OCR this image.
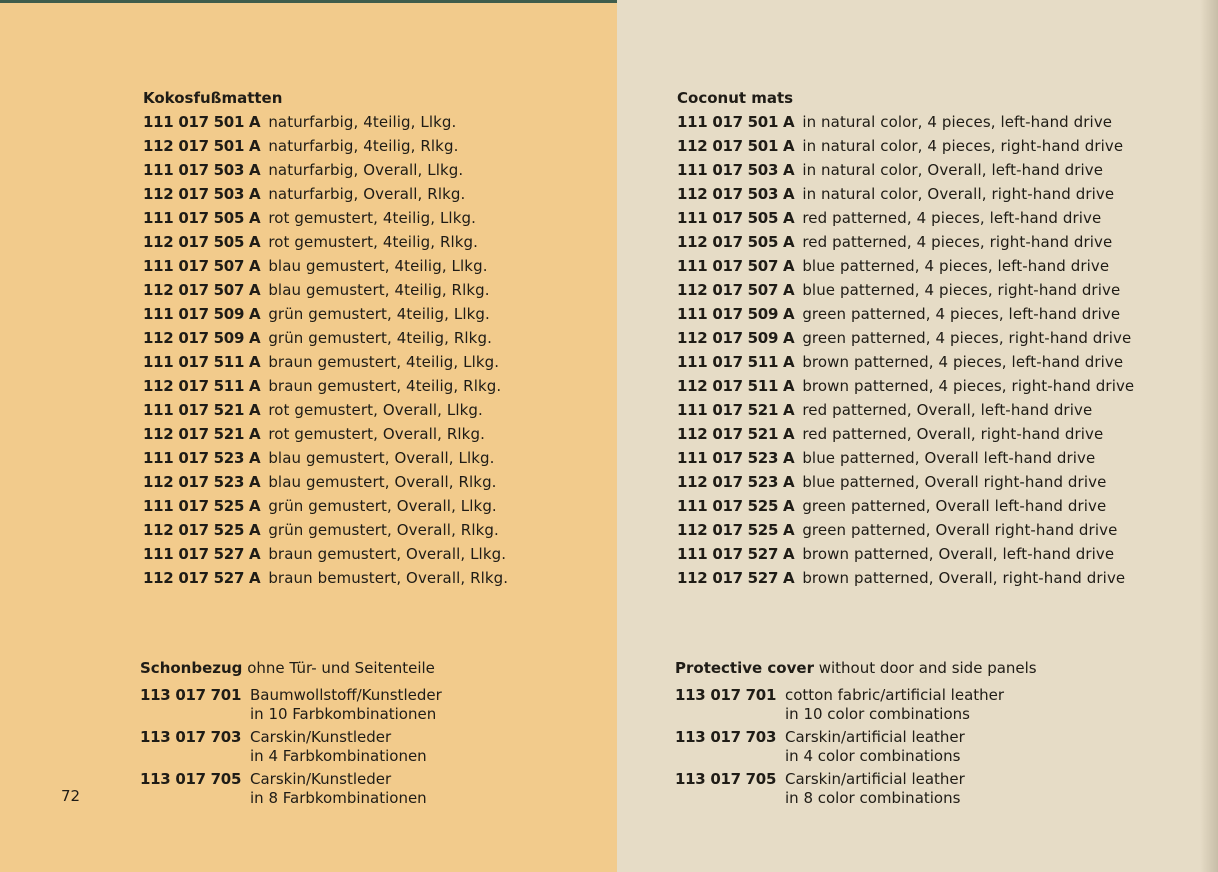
Kokosfußmatten
111 017 501 A naturfarbig, 4teilig, Llkg.
112 017 501 A naturfarbig, 4teilig, Rlkg.
111 017 503 A naturfarbig, Overall, Llkg.
112 017 503 A naturfarbig, Overall, Rlkg.
111 017 505 A rot gemustert, 4teilig, Llkg.
112 017 505 A rot gemustert, 4teilig, Rlkg.
111 017 507 A blau gemustert, 4teilig, Llkg.
112 017 507 A blau gemustert, 4teilig, Rlkg.
111 017 509 A grün gemustert, 4teilig, Llkg.
112 017 509 A grün gemustert, 4teilig, Rlkg.
111 017 511 A braun gemustert, 4teilig, Llkg.
112 017 511 A braun gemustert, 4teilig, Rlkg.
111 017 521 A rot gemustert, Overall, Llkg.
112 017 521 A rot gemustert, Overall, Rlkg.
111 017 523 A blau gemustert, Overall, Llkg.
112 017 523 A blau gemustert, Overall, Rlkg.
111 017 525 A grün gemustert, Overall, Llkg.
112 017 525 A grün gemustert, Overall, Rlkg.
111 017 527 A braun gemustert, Overall, Llkg.
112 017 527 A braun bemustert, Overall, Rlkg.
Schonbezug ohne Tür- und Seitenteile
113 017 701 Baumwollstoff/Kunstleder
in 10 Farbkombinationen
113 017 703 Carskin/Kunstleder
in 4 Farbkombinationen
113 017 705 Carskin/Kunstleder
in 8 Farbkombinationen
72
Coconut mats
111 017 501 A in natural color, 4 pieces, left-hand drive
112 017 501 A in natural color, 4 pieces, right-hand drive
111 017 503 A in natural color, Overall, left-hand drive
112 017 503 A in natural color, Overall, right-hand drive
111 017 505 A red patterned, 4 pieces, left-hand drive
112 017 505 A red patterned, 4 pieces, right-hand drive
111 017 507 A blue patterned, 4 pieces, left-hand drive
112 017 507 A blue patterned, 4 pieces, right-hand drive
111 017 509 A green patterned, 4 pieces, left-hand drive
112 017 509 A green patterned, 4 pieces, right-hand drive
111 017 511 A brown patterned, 4 pieces, left-hand drive
112 017 511 A brown patterned, 4 pieces, right-hand drive
111 017 521 A red patterned, Overall, left-hand drive
112 017 521 A red patterned, Overall, right-hand drive
111 017 523 A blue patterned, Overall left-hand drive
112 017 523 A blue patterned, Overall right-hand drive
111 017 525 A green patterned, Overall left-hand drive
112 017 525 A green patterned, Overall right-hand drive
111 017 527 A brown patterned, Overall, left-hand drive
112 017 527 A brown patterned, Overall, right-hand drive
Protective cover without door and side panels
113 017 701 cotton fabric/artificial leather
in 10 color combinations
113 017 703 Carskin/artificial leather
in 4 color combinations
113 017 705 Carskin/artificial leather
in 8 color combinations
